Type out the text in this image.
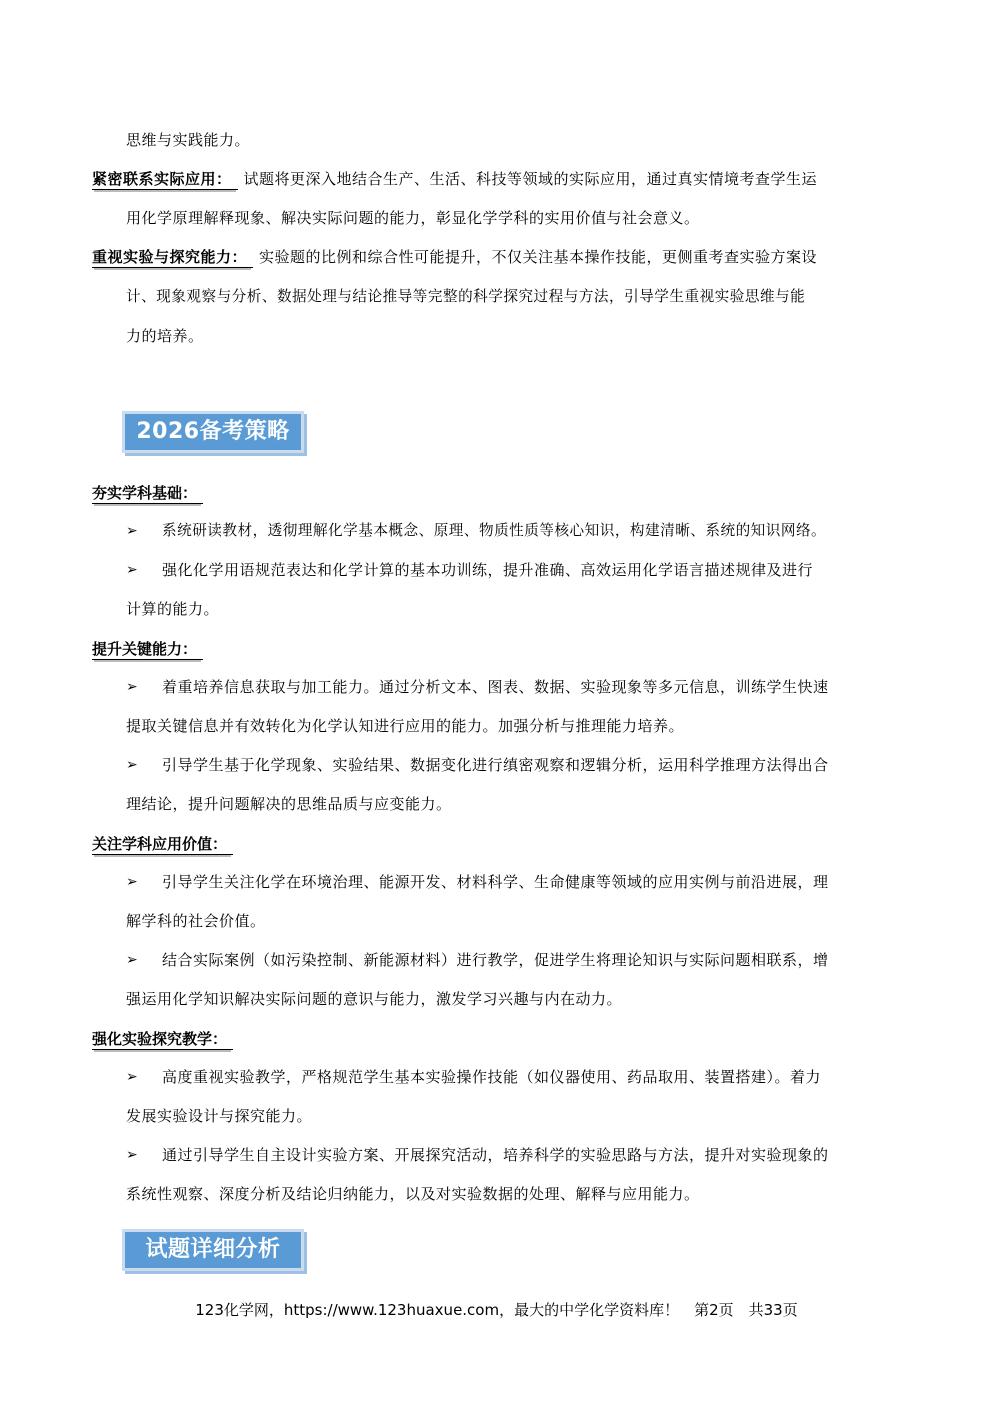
思维与实践能力。
紧密联系实际应用： 试题将更深入地结合生产、生活、科技等领域的实际应用，通过真实情境考查学生运
用化学原理解释现象、解决实际问题的能力，彰显化学学科的实用价值与社会意义。
重视实验与探究能力： 实验题的比例和综合性可能提升，不仅关注基本操作技能，更侧重考查实验方案设
计、现象观察与分析、数据处理与结论推导等完整的科学探究过程与方法，引导学生重视实验思维与能
力的培养。
2026备考策略
夯实学科基础：
➢ 系统研读教材，透彻理解化学基本概念、原理、物质性质等核心知识，构建清晰、系统的知识网络。
➢ 强化化学用语规范表达和化学计算的基本功训练，提升准确、高效运用化学语言描述规律及进行
计算的能力。
提升关键能力：
➢ 着重培养信息获取与加工能力。通过分析文本、图表、数据、实验现象等多元信息，训练学生快速
提取关键信息并有效转化为化学认知进行应用的能力。加强分析与推理能力培养。
➢ 引导学生基于化学现象、实验结果、数据变化进行缜密观察和逻辑分析，运用科学推理方法得出合
理结论，提升问题解决的思维品质与应变能力。
关注学科应用价值：
➢ 引导学生关注化学在环境治理、能源开发、材料科学、生命健康等领域的应用实例与前沿进展，理
解学科的社会价值。
➢ 结合实际案例（如污染控制、新能源材料）进行教学，促进学生将理论知识与实际问题相联系，增
强运用化学知识解决实际问题的意识与能力，激发学习兴趣与内在动力。
强化实验探究教学：
➢ 高度重视实验教学，严格规范学生基本实验操作技能（如仪器使用、药品取用、装置搭建）。着力
发展实验设计与探究能力。
➢ 通过引导学生自主设计实验方案、开展探究活动，培养科学的实验思路与方法，提升对实验现象的
系统性观察、深度分析及结论归纳能力，以及对实验数据的处理、解释与应用能力。
试题详细分析
123化学网，https://www.123huaxue.com，最大的中学化学资料库！　第2页　共33页
